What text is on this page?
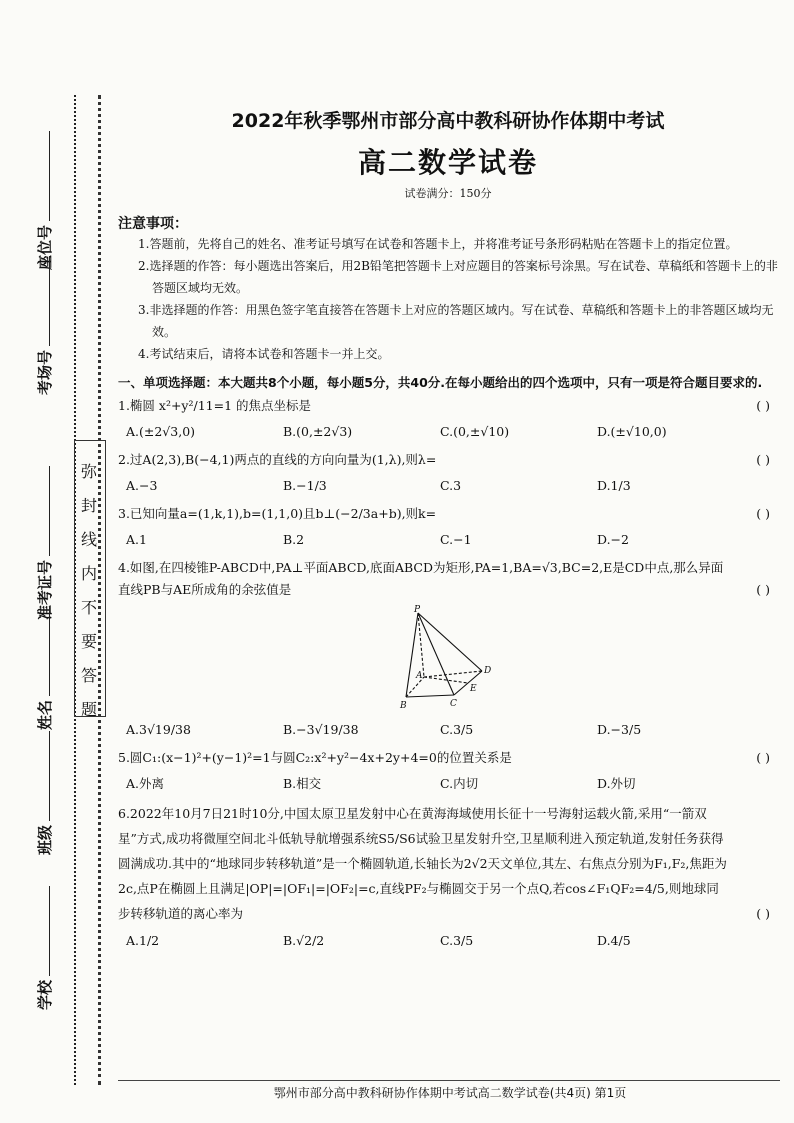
座位号
考场号
准考证号
姓名
班级
学校
弥
封
线
内
不
要
答
题
2022年秋季鄂州市部分高中教科研协作体期中考试
高二数学试卷
试卷满分：150分
注意事项：
1.答题前，先将自己的姓名、准考证号填写在试卷和答题卡上，并将准考证号条形码粘贴在答题卡上的指定位置。
2.选择题的作答：每小题选出答案后，用2B铅笔把答题卡上对应题目的答案标号涂黑。写在试卷、草稿纸和答题卡上的非答题区域均无效。
3.非选择题的作答：用黑色签字笔直接答在答题卡上对应的答题区域内。写在试卷、草稿纸和答题卡上的非答题区域均无效。
4.考试结束后，请将本试卷和答题卡一并上交。
一、单项选择题：本大题共8个小题，每小题5分，共40分.在每小题给出的四个选项中，只有一项是符合题目要求的.
1.椭圆 x²+y²/11=1 的焦点坐标是	( )
A.(±2√3,0)	B.(0,±2√3)	C.(0,±√10)	D.(±√10,0)
2.过A(2,3),B(−4,1)两点的直线的方向向量为(1,λ),则λ=	( )
A.−3	B.−1/3	C.3	D.1/3
3.已知向量a=(1,k,1),b=(1,1,0)且b⊥(−2/3a+b),则k=	( )
A.1	B.2	C.−1	D.−2
4.如图,在四棱锥P-ABCD中,PA⊥平面ABCD,底面ABCD为矩形,PA=1,BA=√3,BC=2,E是CD中点,那么异面直线PB与AE所成角的余弦值是	( )
P
A
B	C
D
E
A.3√19/38	B.−3√19/38	C.3/5	D.−3/5
5.圆C₁:(x−1)²+(y−1)²=1与圆C₂:x²+y²−4x+2y+4=0的位置关系是	( )
A.外离	B.相交	C.内切	D.外切
6.2022年10月7日21时10分,中国太原卫星发射中心在黄海海域使用长征十一号海射运载火箭,采用“一箭双星”方式,成功将微厘空间北斗低轨导航增强系统S5/S6试验卫星发射升空,卫星顺利进入预定轨道,发射任务获得圆满成功.其中的“地球同步转移轨道”是一个椭圆轨道,长轴长为2√2天文单位,其左、右焦点分别为F₁,F₂,焦距为2c,点P在椭圆上且满足|OP|=|OF₁|=|OF₂|=c,直线PF₂与椭圆交于另一个点Q,若cos∠F₁QF₂=4/5,则地球同步转移轨道的离心率为	( )
A.1/2	B.√2/2	C.3/5	D.4/5
鄂州市部分高中教科研协作体期中考试高二数学试卷(共4页) 第1页
